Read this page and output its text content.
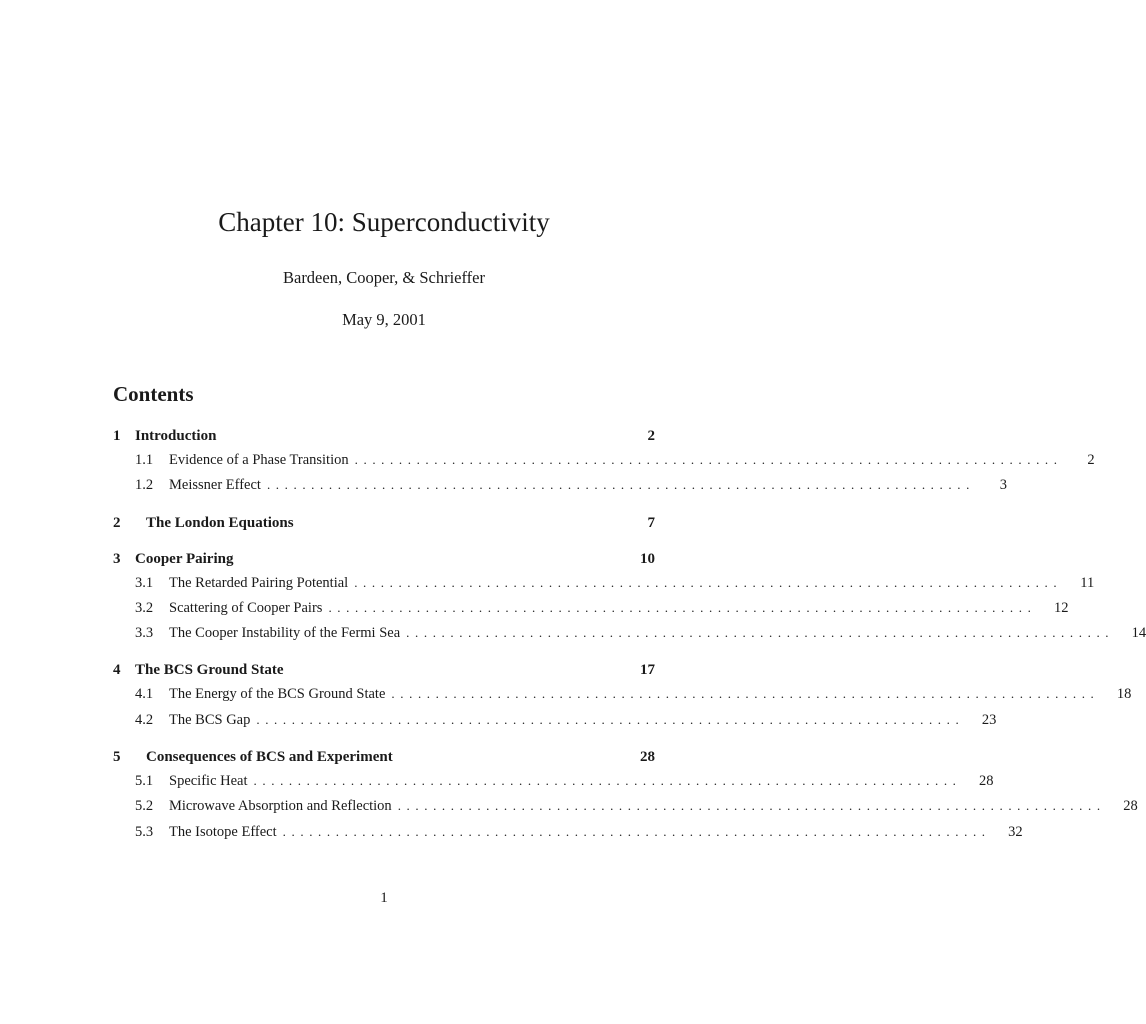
Chapter 10: Superconductivity
Bardeen, Cooper, & Schrieffer
May 9, 2001
Contents
1 Introduction	2
1.1	Evidence of a Phase Transition ................................................................................	2
1.2	Meissner Effect ................................................................................	3
2	The London Equations	7
3 Cooper Pairing	10
3.1	The Retarded Pairing Potential ................................................................................	11
3.2	Scattering of Cooper Pairs ................................................................................	12
3.3	The Cooper Instability of the Fermi Sea ................................................................................	14
4 The BCS Ground State	17
4.1	The Energy of the BCS Ground State ................................................................................	18
4.2	The BCS Gap ................................................................................	23
5	Consequences of BCS and Experiment	28
5.1	Specific Heat ................................................................................	28
5.2	Microwave Absorption and Reflection ................................................................................	28
5.3	The Isotope Effect ................................................................................	32
1
